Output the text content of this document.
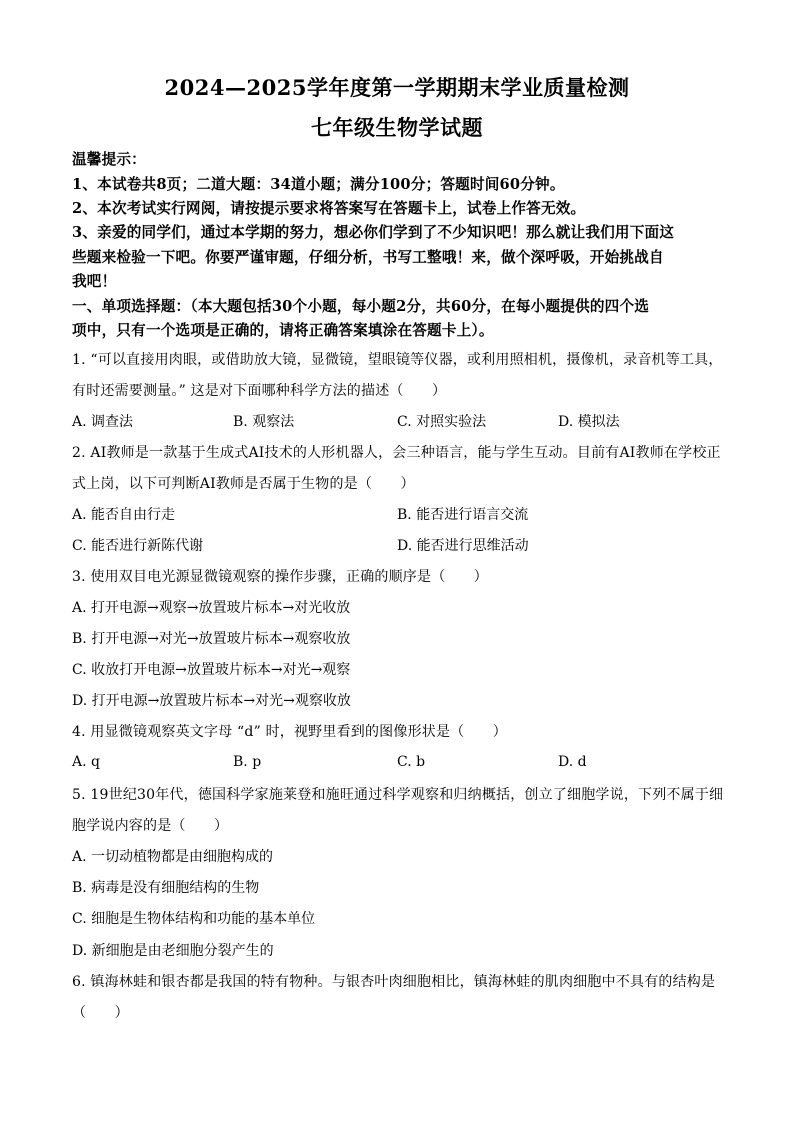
2024—2025学年度第一学期期末学业质量检测
七年级生物学试题
温馨提示：
1、本试卷共8页；二道大题：34道小题；满分100分；答题时间60分钟。
2、本次考试实行网阅，请按提示要求将答案写在答题卡上，试卷上作答无效。
3、亲爱的同学们，通过本学期的努力，想必你们学到了不少知识吧！那么就让我们用下面这
些题来检验一下吧。你要严谨审题，仔细分析，书写工整哦！来，做个深呼吸，开始挑战自
我吧！
一、单项选择题：（本大题包括30个小题，每小题2分，共60分，在每小题提供的四个选
项中，只有一个选项是正确的，请将正确答案填涂在答题卡上）。
1. “可以直接用肉眼，或借助放大镜，显微镜，望眼镜等仪器，或利用照相机，摄像机，录音机等工具，
有时还需要测量。” 这是对下面哪种科学方法的描述（　　）
A. 调查法	B. 观察法	C. 对照实验法	D. 模拟法
2. AI教师是一款基于生成式AI技术的人形机器人，会三种语言，能与学生互动。目前有AI教师在学校正
式上岗，以下可判断AI教师是否属于生物的是（　　）
A. 能否自由行走	B. 能否进行语言交流
C. 能否进行新陈代谢	D. 能否进行思维活动
3. 使用双目电光源显微镜观察的操作步骤，正确的顺序是（　　）
A. 打开电源→观察→放置玻片标本→对光收放
B. 打开电源→对光→放置玻片标本→观察收放
C. 收放打开电源→放置玻片标本→对光→观察
D. 打开电源→放置玻片标本→对光→观察收放
4. 用显微镜观察英文字母 “d” 时，视野里看到的图像形状是（　　）
A. q	B. p	C. b	D. d
5. 19世纪30年代，德国科学家施莱登和施旺通过科学观察和归纳概括，创立了细胞学说，下列不属于细
胞学说内容的是（　　）
A. 一切动植物都是由细胞构成的
B. 病毒是没有细胞结构的生物
C. 细胞是生物体结构和功能的基本单位
D. 新细胞是由老细胞分裂产生的
6. 镇海林蛙和银杏都是我国的特有物种。与银杏叶肉细胞相比，镇海林蛙的肌肉细胞中不具有的结构是
（　　）
